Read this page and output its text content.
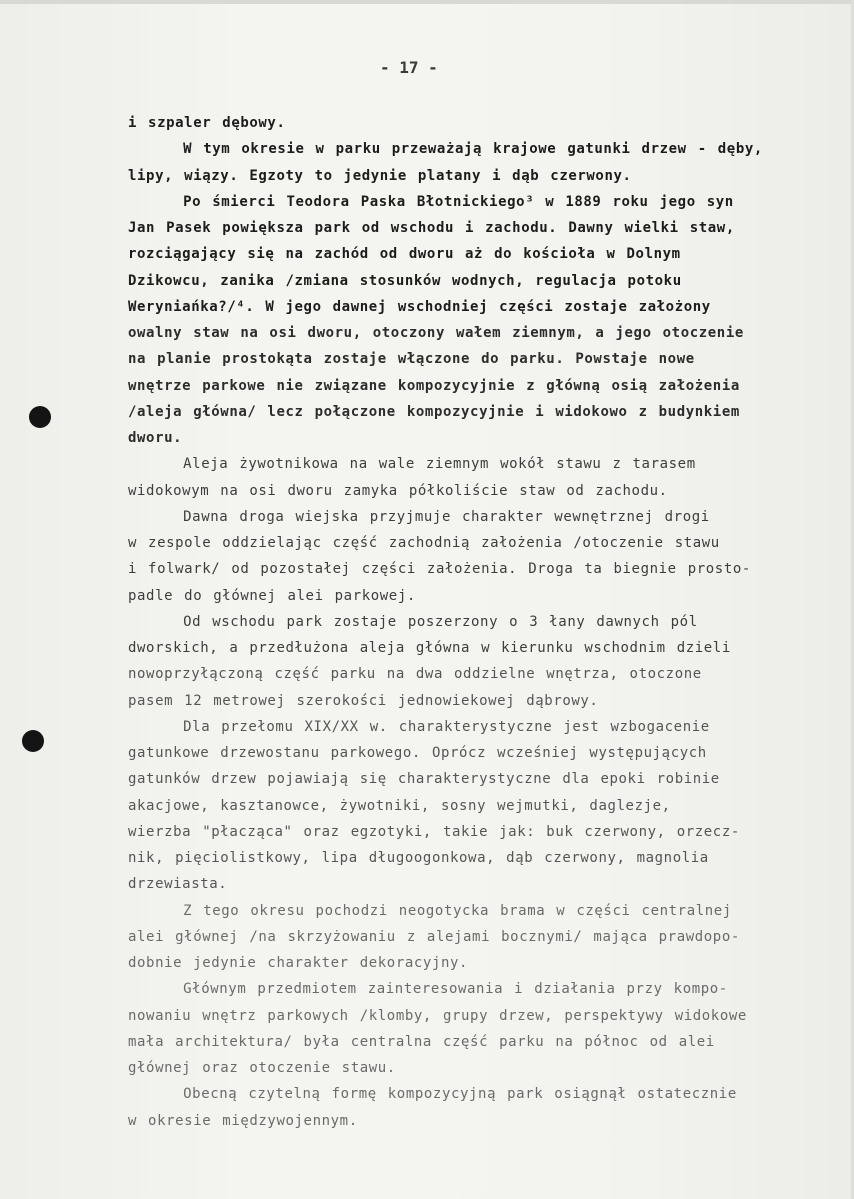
- 17 -
i szpaler dębowy.
W tym okresie w parku przeważają krajowe gatunki drzew - dęby,
lipy, wiązy. Egzoty to jedynie platany i dąb czerwony.
Po śmierci Teodora Paska Błotnickiego³ w 1889 roku jego syn
Jan Pasek powiększa park od wschodu i zachodu. Dawny wielki staw,
rozciągający się na zachód od dworu aż do kościoła w Dolnym
Dzikowcu, zanika /zmiana stosunków wodnych, regulacja potoku
Weryniańka?/⁴. W jego dawnej wschodniej części zostaje założony
owalny staw na osi dworu, otoczony wałem ziemnym, a jego otoczenie
na planie prostokąta zostaje włączone do parku. Powstaje nowe
wnętrze parkowe nie związane kompozycyjnie z główną osią założenia
/aleja główna/ lecz połączone kompozycyjnie i widokowo z budynkiem
dworu.
Aleja żywotnikowa na wale ziemnym wokół stawu z tarasem
widokowym na osi dworu zamyka półkoliście staw od zachodu.
Dawna droga wiejska przyjmuje charakter wewnętrznej drogi
w zespole oddzielając część zachodnią założenia /otoczenie stawu
i folwark/ od pozostałej części założenia. Droga ta biegnie prosto-
padle do głównej alei parkowej.
Od wschodu park zostaje poszerzony o 3 łany dawnych pól
dworskich, a przedłużona aleja główna w kierunku wschodnim dzieli
nowoprzyłączoną część parku na dwa oddzielne wnętrza, otoczone
pasem 12 metrowej szerokości jednowiekowej dąbrowy.
Dla przełomu XIX/XX w. charakterystyczne jest wzbogacenie
gatunkowe drzewostanu parkowego. Oprócz wcześniej występujących
gatunków drzew pojawiają się charakterystyczne dla epoki robinie
akacjowe, kasztanowce, żywotniki, sosny wejmutki, daglezje,
wierzba "płacząca" oraz egzotyki, takie jak: buk czerwony, orzecz-
nik, pięciolistkowy, lipa długoogonkowa, dąb czerwony, magnolia
drzewiasta.
Z tego okresu pochodzi neogotycka brama w części centralnej
alei głównej /na skrzyżowaniu z alejami bocznymi/ mająca prawdopo-
dobnie jedynie charakter dekoracyjny.
Głównym przedmiotem zainteresowania i działania przy kompo-
nowaniu wnętrz parkowych /klomby, grupy drzew, perspektywy widokowe
mała architektura/ była centralna część parku na północ od alei
głównej oraz otoczenie stawu.
Obecną czytelną formę kompozycyjną park osiągnął ostatecznie
w okresie międzywojennym.
